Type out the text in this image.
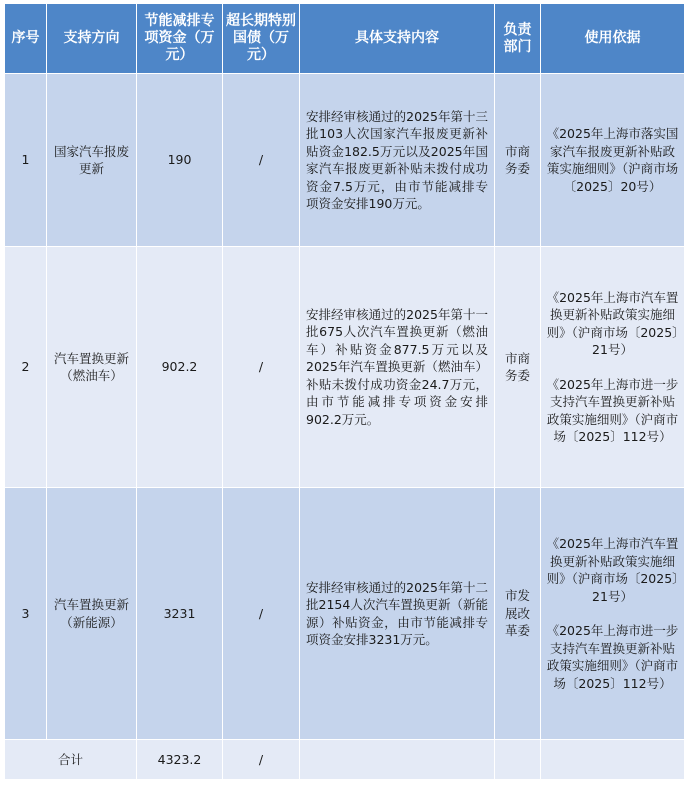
序号	支持方向	节能减排专项资金（万元）	超长期特别国债（万元）	具体支持内容	负责部门	使用依据
1	国家汽车报废更新	190	/	安排经审核通过的2025年第十三批103人次国家汽车报废更新补贴资金182.5万元以及2025年国家汽车报废更新补贴未拨付成功资金7.5万元，由市节能减排专项资金安排190万元。	市商务委	《2025年上海市落实国家汽车报废更新补贴政策实施细则》（沪商市场〔2025〕20号）

2	汽车置换更新（燃油车）	902.2	/	安排经审核通过的2025年第十一批675人次汽车置换更新（燃油车）补贴资金877.5万元以及2025年汽车置换更新（燃油车）补贴未拨付成功资金24.7万元，由市节能减排专项资金安排902.2万元。	市商务委	《2025年上海市汽车置换更新补贴政策实施细则》（沪商市场〔2025〕21号）
《2025年上海市进一步支持汽车置换更新补贴政策实施细则》（沪商市场〔2025〕112号）

3	汽车置换更新（新能源）	3231	/	安排经审核通过的2025年第十二批2154人次汽车置换更新（新能源）补贴资金，由市节能减排专项资金安排3231万元。	市发展改革委	《2025年上海市汽车置换更新补贴政策实施细则》（沪商市场〔2025〕21号）
《2025年上海市进一步支持汽车置换更新补贴政策实施细则》（沪商市场〔2025〕112号）

合计		4323.2	/			
